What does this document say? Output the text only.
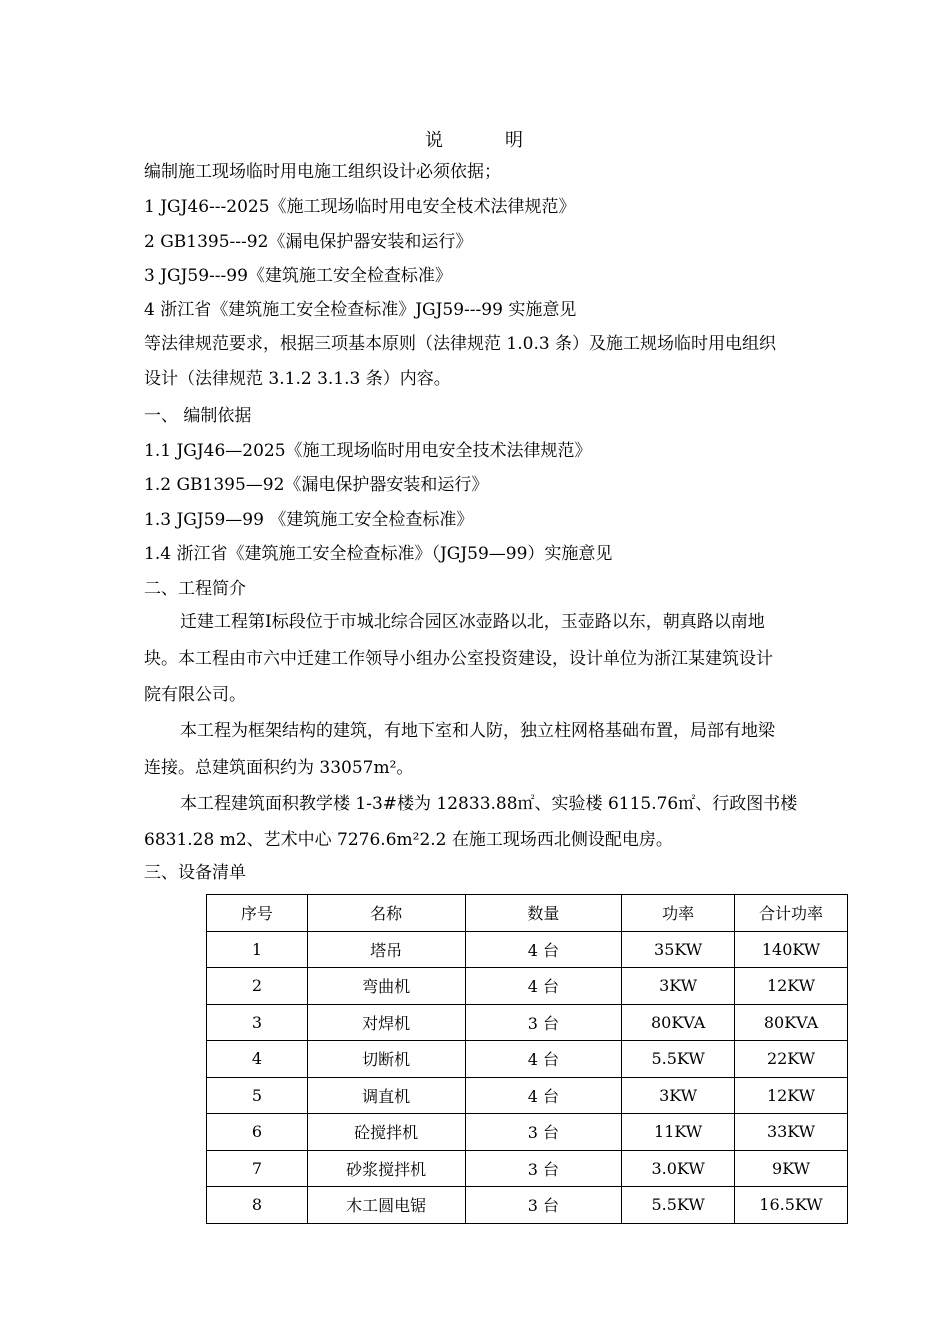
说	明
编制施工现场临时用电施工组织设计必须依据；
1 JGJ46---2025《施工现场临时用电安全枝术法律规范》
2 GB1395---92《漏电保护器安装和运行》
3 JGJ59---99《建筑施工安全检查标准》
4 浙江省《建筑施工安全检查标准》JGJ59---99 实施意见
等法律规范要求，根据三项基本原则（法律规范 1.0.3 条）及施工规场临时用电组织
设计（法律规范 3.1.2 3.1.3 条）内容。
一、 编制依据
1.1 JGJ46—2025《施工现场临时用电安全技术法律规范》
1.2 GB1395—92《漏电保护器安装和运行》
1.3 JGJ59—99 《建筑施工安全检查标准》
1.4 浙江省《建筑施工安全检查标准》（JGJ59—99）实施意见
二、工程简介
迁建工程第Ⅰ标段位于市城北综合园区冰壶路以北，玉壶路以东，朝真路以南地
块。本工程由市六中迁建工作领导小组办公室投资建设，设计单位为浙江某建筑设计
院有限公司。
本工程为框架结构的建筑，有地下室和人防，独立柱网格基础布置，局部有地梁
连接。总建筑面积约为 33057m²。
本工程建筑面积教学楼 1-3#楼为 12833.88㎡、实验楼 6115.76㎡、行政图书楼
6831.28 m2、艺术中心 7276.6m²2.2 在施工现场西北侧设配电房。
三、设备清单
序号	名称	数量	功率	合计功率
1	塔吊	4 台	35KW	140KW
2	弯曲机	4 台	3KW	12KW
3	对焊机	3 台	80KVA	80KVA
4	切断机	4 台	5.5KW	22KW
5	调直机	4 台	3KW	12KW
6	砼搅拌机	3 台	11KW	33KW
7	砂浆搅拌机	3 台	3.0KW	9KW
8	木工圆电锯	3 台	5.5KW	16.5KW
